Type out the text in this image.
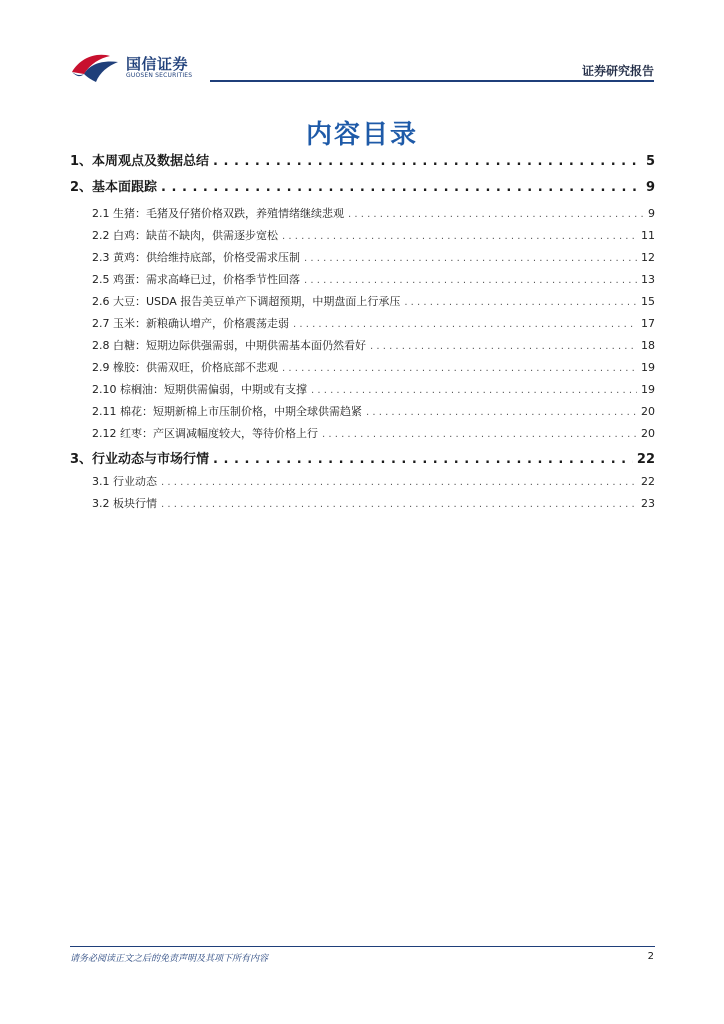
国信证券
GUOSEN SECURITIES	证券研究报告
内容目录
1、本周观点及数据总结 . . .	5
2、基本面跟踪 . . .	9
2.1 生猪：毛猪及仔猪价格双跌，养殖情绪继续悲观 . . .	9
2.2 白鸡：缺苗不缺肉，供需逐步宽松 . . .	11
2.3 黄鸡：供给维持底部，价格受需求压制 . . .	12
2.5 鸡蛋：需求高峰已过，价格季节性回落 . . .	13
2.6 大豆：USDA 报告美豆单产下调超预期，中期盘面上行承压 . . .	15
2.7 玉米：新粮确认增产，价格震荡走弱 . . .	17
2.8 白糖：短期边际供强需弱，中期供需基本面仍然看好 . . .	18
2.9 橡胶：供需双旺，价格底部不悲观 . . .	19
2.10 棕榈油：短期供需偏弱，中期或有支撑 . . .	19
2.11 棉花：短期新棉上市压制价格，中期全球供需趋紧 . . .	20
2.12 红枣：产区调减幅度较大，等待价格上行 . . .	20
3、行业动态与市场行情 . . .	22
3.1 行业动态 . . .	22
3.2 板块行情 . . .	23
请务必阅读正文之后的免责声明及其项下所有内容	2
